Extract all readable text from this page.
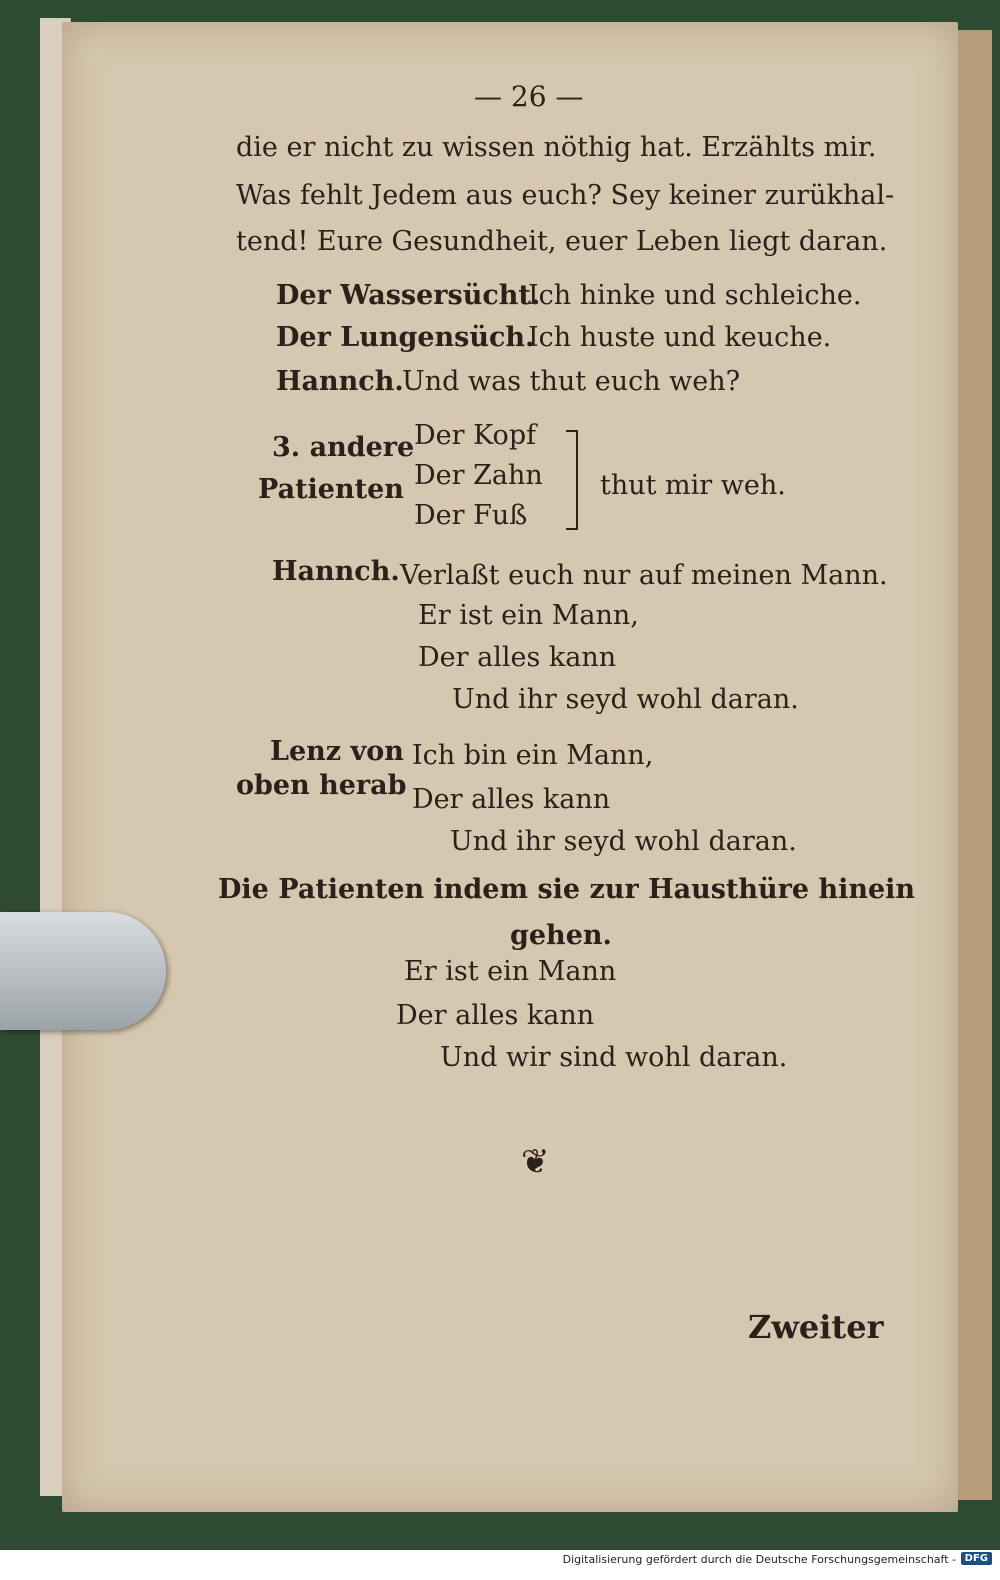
— 26 —
die er nicht zu wissen nöthig hat. Erzählts mir.
Was fehlt Jedem aus euch? Sey keiner zurükhal-
tend! Eure Gesundheit, euer Leben liegt daran.
Der Wassersücht.
Ich hinke und schleiche.
Der Lungensüch.
Ich huste und keuche.
Hannch.
Und was thut euch weh?
3. andere
Patienten
Der Kopf
Der Zahn
Der Fuß
thut mir weh.
Hannch. Verlaßt euch nur auf meinen Mann.
Er ist ein Mann,
Der alles kann
Und ihr seyd wohl daran.
Lenz von
oben herab
Ich bin ein Mann,
Der alles kann
Und ihr seyd wohl daran.
Die Patienten indem sie zur Hausthüre hinein
gehen.
Er ist ein Mann
Der alles kann
Und wir sind wohl daran.
❦
Zweiter
Digitalisierung gefördert durch die Deutsche Forschungsgemeinschaft - DFG
